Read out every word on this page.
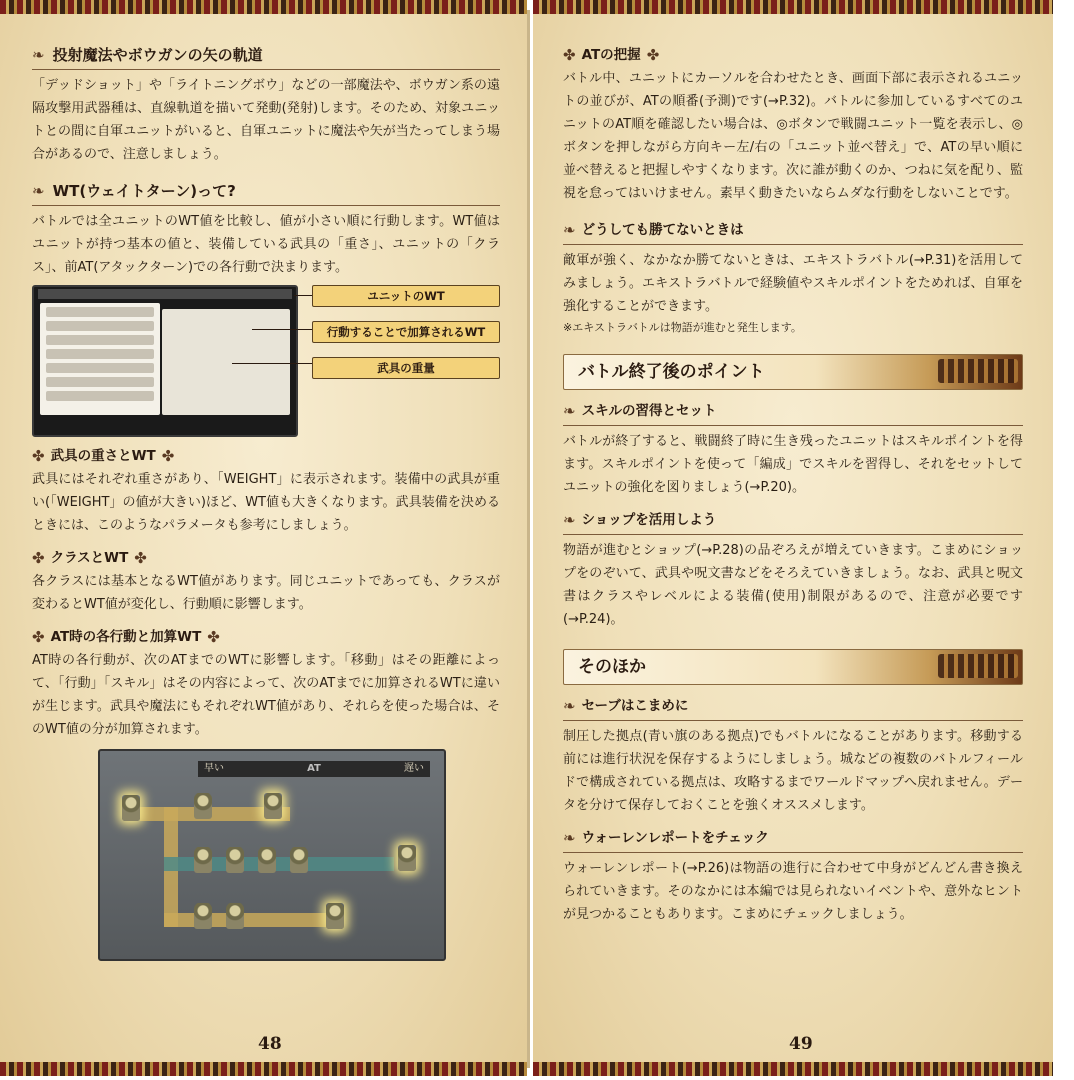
❧ 投射魔法やボウガンの矢の軌道

「デッドショット」や「ライトニングボウ」などの一部魔法や、ボウガン系の遠隔攻撃用武器種は、直線軌道を描いて発動(発射)します。そのため、対象ユニットとの間に自軍ユニットがいると、自軍ユニットに魔法や矢が当たってしまう場合があるので、注意しましょう。

❧ WT(ウェイトターン)って?

バトルでは全ユニットのWT値を比較し、値が小さい順に行動します。WT値はユニットが持つ基本の値と、装備している武具の「重さ」、ユニットの「クラス」、前AT(アタックターン)での各行動で決まります。

ユニットのWT
行動することで加算されるWT
武具の重量
✤ 武具の重さとWT ✤

武具にはそれぞれ重さがあり、「WEIGHT」に表示されます。装備中の武具が重い(「WEIGHT」の値が大きい)ほど、WT値も大きくなります。武具装備を決めるときには、このようなパラメータも参考にしましょう。

✤ クラスとWT ✤

各クラスには基本となるWT値があります。同じユニットであっても、クラスが変わるとWT値が変化し、行動順に影響します。

✤ AT時の各行動と加算WT ✤

AT時の各行動が、次のATまでのWTに影響します。「移動」はその距離によって、「行動」「スキル」はその内容によって、次のATまでに加算されるWTに違いが生じます。武具や魔法にもそれぞれWT値があり、それらを使った場合は、そのWT値の分が加算されます。

早い	AT	遅い
48
✤ ATの把握 ✤

バトル中、ユニットにカーソルを合わせたとき、画面下部に表示されるユニットの並びが、ATの順番(予測)です(→P.32)。バトルに参加しているすべてのユニットのAT順を確認したい場合は、◎ボタンで戦闘ユニット一覧を表示し、◎ボタンを押しながら方向キー左/右の「ユニット並べ替え」で、ATの早い順に並べ替えると把握しやすくなります。次に誰が動くのか、つねに気を配り、監視を怠ってはいけません。素早く動きたいならムダな行動をしないことです。

❧ どうしても勝てないときは

敵軍が強く、なかなか勝てないときは、エキストラバトル(→P.31)を活用してみましょう。エキストラバトルで経験値やスキルポイントをためれば、自軍を強化することができます。

※エキストラバトルは物語が進むと発生します。

バトル終了後のポイント
❧ スキルの習得とセット

バトルが終了すると、戦闘終了時に生き残ったユニットはスキルポイントを得ます。スキルポイントを使って「編成」でスキルを習得し、それをセットしてユニットの強化を図りましょう(→P.20)。

❧ ショップを活用しよう

物語が進むとショップ(→P.28)の品ぞろえが増えていきます。こまめにショップをのぞいて、武具や呪文書などをそろえていきましょう。なお、武具と呪文書はクラスやレベルによる装備(使用)制限があるので、注意が必要です(→P.24)。

そのほか
❧ セーブはこまめに

制圧した拠点(青い旗のある拠点)でもバトルになることがあります。移動する前には進行状況を保存するようにしましょう。城などの複数のバトルフィールドで構成されている拠点は、攻略するまでワールドマップへ戻れません。データを分けて保存しておくことを強くオススメします。

❧ ウォーレンレポートをチェック

ウォーレンレポート(→P.26)は物語の進行に合わせて中身がどんどん書き換えられていきます。そのなかには本編では見られないイベントや、意外なヒントが見つかることもあります。こまめにチェックしましょう。

49
